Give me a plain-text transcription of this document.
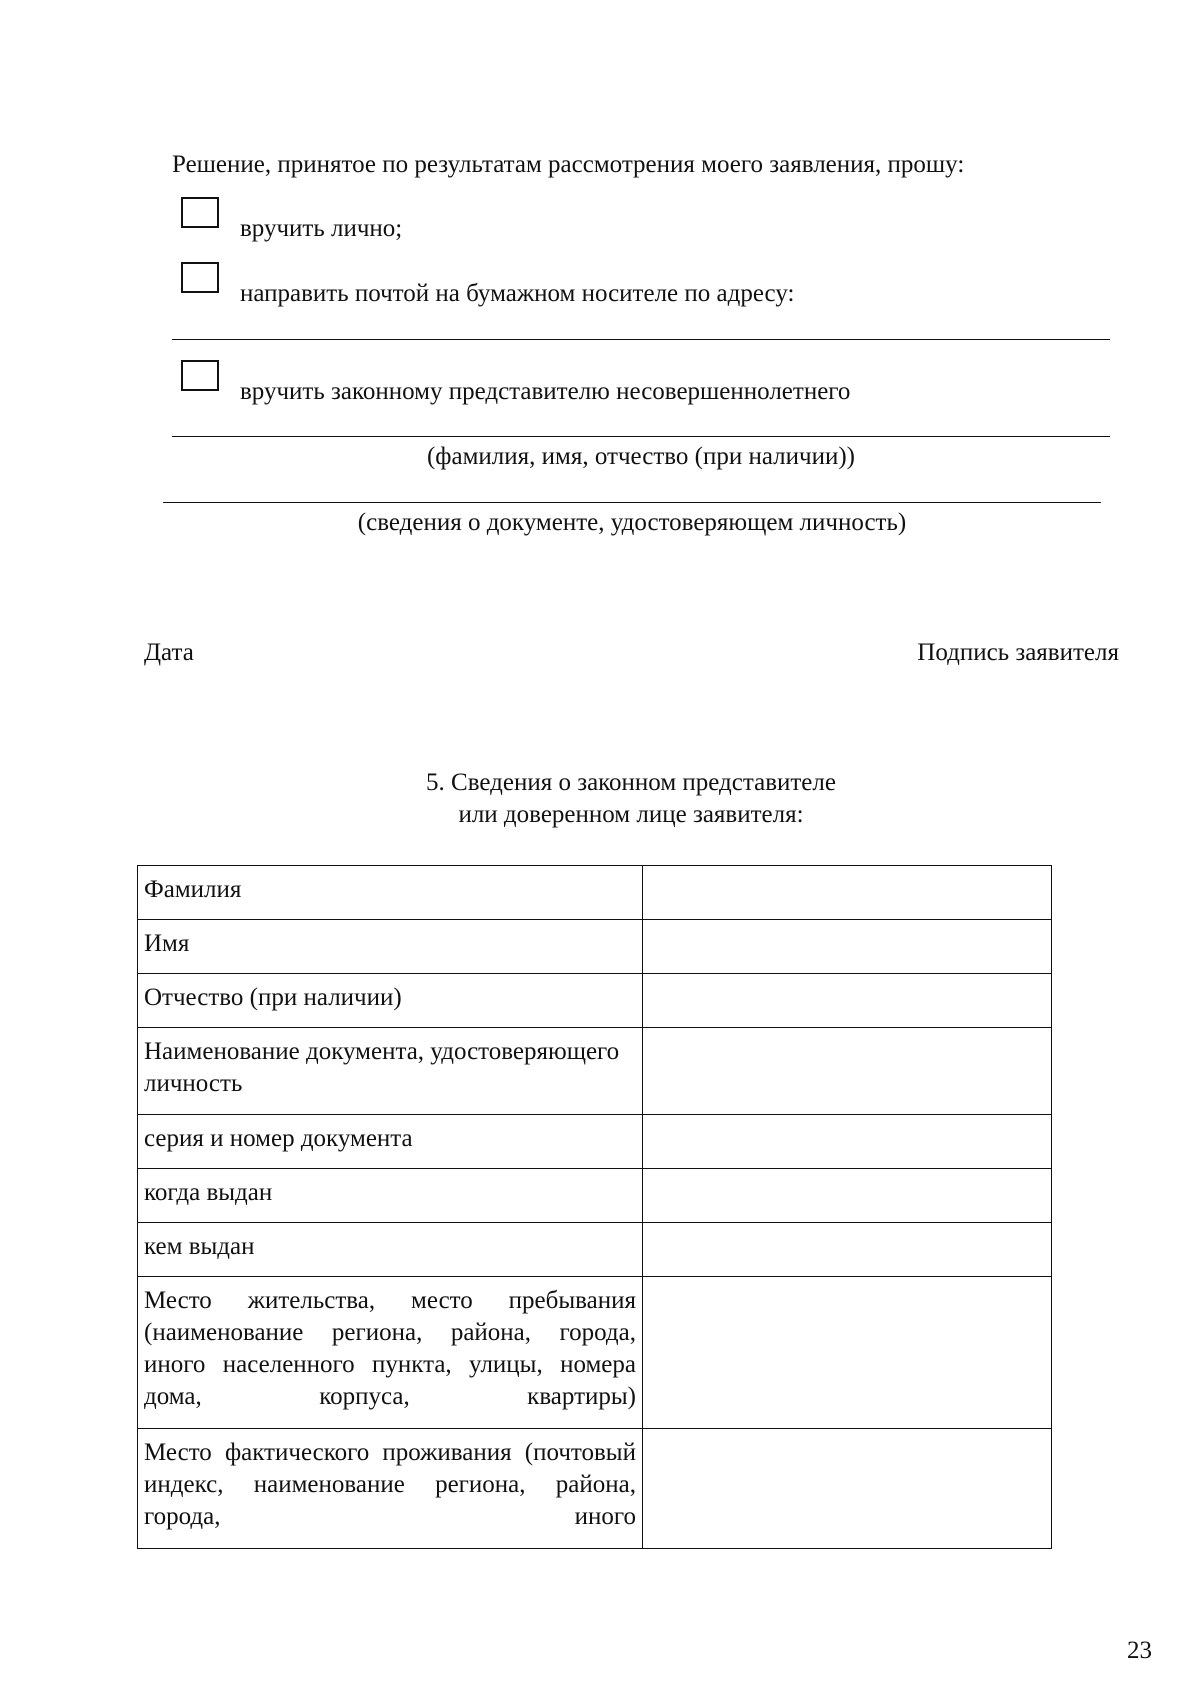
Решение, принятое по результатам рассмотрения моего заявления, прошу:
вручить лично;
направить почтой на бумажном носителе по адресу:
вручить законному представителю несовершеннолетнего
(фамилия, имя, отчество (при наличии))
(сведения о документе, удостоверяющем личность)
Дата	Подпись заявителя
5. Сведения о законном представителе
или доверенном лице заявителя:
Фамилия	
Имя	
Отчество (при наличии)	
Наименование документа, удостоверяющего личность	
серия и номер документа	
когда выдан	
кем выдан	
Место жительства, место пребывания (наименование региона, района, города, иного населенного пункта, улицы, номера дома, корпуса, квартиры)	
Место фактического проживания (почтовый индекс, наименование региона, района, города, иного	
23
